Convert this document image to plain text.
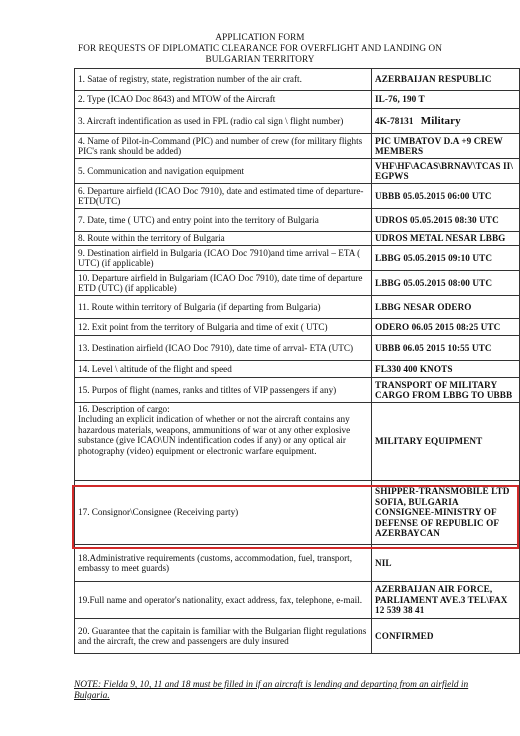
APPLICATION FORM
FOR REQUESTS OF DIPLOMATIC CLEARANCE FOR OVERFLIGHT AND LANDING ON
BULGARIAN TERRITORY
1. Satae of registry, state, registration number of the air craft.	AZERBAIJAN RESPUBLIC
2. Type (ICAO Doc 8643) and MTOW of the Aircraft	IL-76, 190 T
3. Aircraft indentification as used in FPL (radio cal sign \ flight number)	4K-78131 Military
4. Name of Pilot-in-Command (PIC) and number of crew (for military flights PIC's rank should be added)	PIC UMBATOV D.A +9 CREW MEMBERS
5. Communication and navigation equipment	VHF\HF\ACAS\BRNAV\TCAS II\ EGPWS
6. Departure airfield (ICAO Doc 7910), date and estimated time of departure-ETD(UTC)	UBBB 05.05.2015 06:00 UTC
7. Date, time ( UTC) and entry point into the territory of Bulgaria	UDROS 05.05.2015 08:30 UTC
8. Route within the territory of Bulgaria	UDROS METAL NESAR LBBG
9. Destination airfield in Bulgaria (ICAO Doc 7910)and time arrival – ETA ( UTC) (if applicable)	LBBG 05.05.2015 09:10 UTC
10. Departure airfield in Bulgariam (ICAO Doc 7910), date time of departure ETD (UTC) (if applicable)	LBBG 05.05.2015 08:00 UTC
11. Route within territory of Bulgaria (if departing from Bulgaria)	LBBG NESAR ODERO
12. Exit point from the territory of Bulgaria and time of exit ( UTC)	ODERO 06.05 2015 08:25 UTC
13. Destination airfield (ICAO Doc 7910), date time of arrval- ETA (UTC)	UBBB 06.05 2015 10:55 UTC
14. Level \ altitude of the flight and speed	FL330 400 KNOTS
15. Purpos of flight (names, ranks and titltes of VIP passengers if any)	TRANSPORT OF MILITARY CARGO FROM LBBG TO UBBB
16. Description of cargo:
Including an explicit indication of whether or not the aircraft contains any hazardous materials, weapons, ammunitions of war ot any other explosive substance (give ICAO\UN indentification codes if any) or any optical air photography (video) equipment or electronic warfare equipment.	MILITARY EQUIPMENT
17. Consignor\Consignee (Receiving party)	SHIPPER-TRANSMOBILE LTD SOFIA, BULGARIA CONSIGNEE-MINISTRY OF DEFENSE OF REPUBLIC OF AZERBAYCAN
18.Administrative requirements (customs, accommodation, fuel, transport, embassy to meet guards)	NIL
19.Full name and operator's nationality, exact address, fax, telephone, e-mail.	AZERBAIJAN AIR FORCE, PARLIAMENT AVE.3 TEL\FAX 12 539 38 41
20. Guarantee that the capitain is familiar with the Bulgarian flight regulations and the aircraft, the crew and passengers are duly insured	CONFIRMED
NOTE: Fielda 9, 10, 11 and 18 must be filled in if an aircraft is lending and departing from an airfield in Bulgaria.
